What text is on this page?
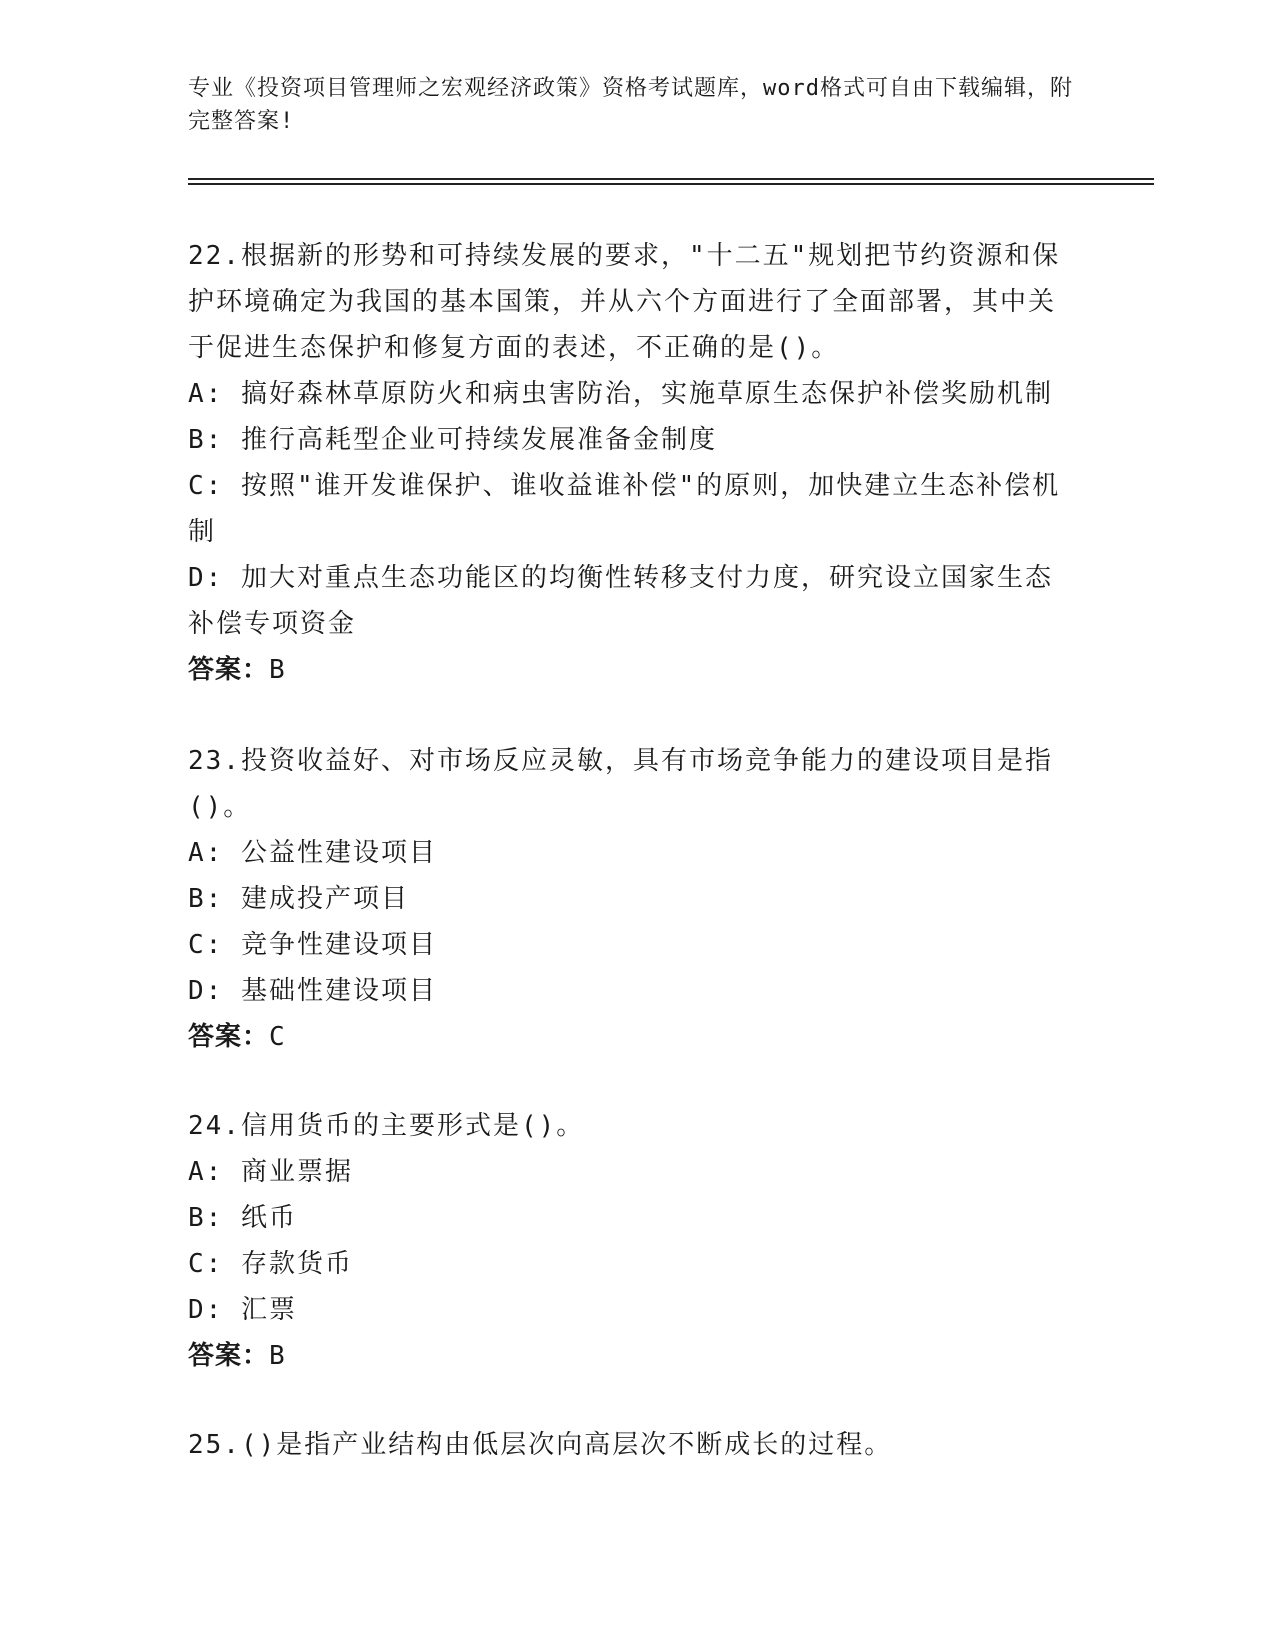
专业《投资项目管理师之宏观经济政策》资格考试题库，word格式可自由下载编辑，附完整答案!
22.根据新的形势和可持续发展的要求，"十二五"规划把节约资源和保护环境确定为我国的基本国策，并从六个方面进行了全面部署，其中关于促进生态保护和修复方面的表述，不正确的是()。
A: 搞好森林草原防火和病虫害防治，实施草原生态保护补偿奖励机制
B: 推行高耗型企业可持续发展准备金制度
C: 按照"谁开发谁保护、谁收益谁补偿"的原则，加快建立生态补偿机制
D: 加大对重点生态功能区的均衡性转移支付力度，研究设立国家生态补偿专项资金
答案：B
23.投资收益好、对市场反应灵敏，具有市场竞争能力的建设项目是指()。
A: 公益性建设项目
B: 建成投产项目
C: 竞争性建设项目
D: 基础性建设项目
答案：C
24.信用货币的主要形式是()。
A: 商业票据
B: 纸币
C: 存款货币
D: 汇票
答案：B
25.()是指产业结构由低层次向高层次不断成长的过程。
